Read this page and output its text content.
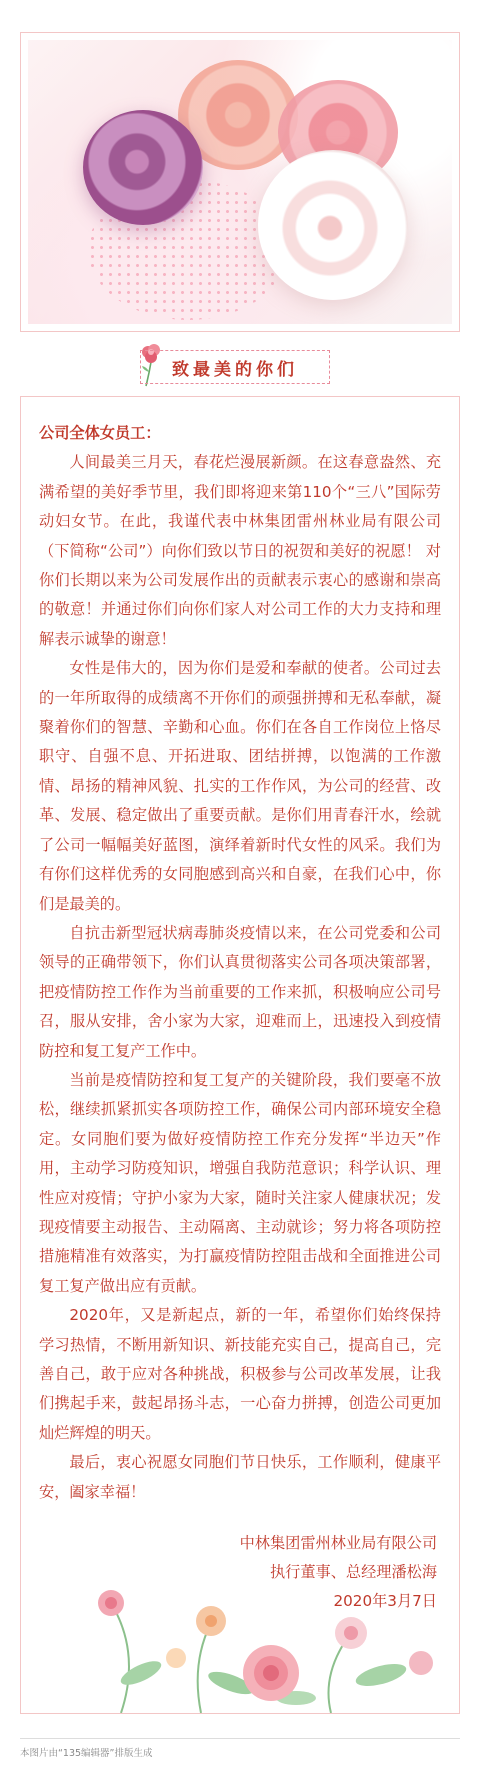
致最美的你们

公司全体女员工：

人间最美三月天，春花烂漫展新颜。在这春意盎然、充满希望的美好季节里，我们即将迎来第110个“三八”国际劳动妇女节。在此，我谨代表中林集团雷州林业局有限公司（下简称“公司”）向你们致以节日的祝贺和美好的祝愿！ 对你们长期以来为公司发展作出的贡献表示衷心的感谢和崇高的敬意！并通过你们向你们家人对公司工作的大力支持和理解表示诚挚的谢意！

女性是伟大的，因为你们是爱和奉献的使者。公司过去的一年所取得的成绩离不开你们的顽强拼搏和无私奉献，凝聚着你们的智慧、辛勤和心血。你们在各自工作岗位上恪尽职守、自强不息、开拓进取、团结拼搏，以饱满的工作激情、昂扬的精神风貌、扎实的工作作风，为公司的经营、改革、发展、稳定做出了重要贡献。是你们用青春汗水，绘就了公司一幅幅美好蓝图，演绎着新时代女性的风采。我们为有你们这样优秀的女同胞感到高兴和自豪，在我们心中，你们是最美的。

自抗击新型冠状病毒肺炎疫情以来，在公司党委和公司领导的正确带领下，你们认真贯彻落实公司各项决策部署，把疫情防控工作作为当前重要的工作来抓，积极响应公司号召，服从安排，舍小家为大家，迎难而上，迅速投入到疫情防控和复工复产工作中。

当前是疫情防控和复工复产的关键阶段，我们要毫不放松，继续抓紧抓实各项防控工作，确保公司内部环境安全稳定。女同胞们要为做好疫情防控工作充分发挥“半边天”作用，主动学习防疫知识，增强自我防范意识；科学认识、理性应对疫情；守护小家为大家，随时关注家人健康状况；发现疫情要主动报告、主动隔离、主动就诊；努力将各项防控措施精准有效落实，为打赢疫情防控阻击战和全面推进公司复工复产做出应有贡献。

2020年，又是新起点，新的一年，希望你们始终保持学习热情，不断用新知识、新技能充实自己，提高自己，完善自己，敢于应对各种挑战，积极参与公司改革发展，让我们携起手来，鼓起昂扬斗志，一心奋力拼搏，创造公司更加灿烂辉煌的明天。

最后，衷心祝愿女同胞们节日快乐，工作顺利，健康平安，阖家幸福！

中林集团雷州林业局有限公司
执行董事、总经理潘松海
2020年3月7日
本图片由“135编辑器”排版生成
